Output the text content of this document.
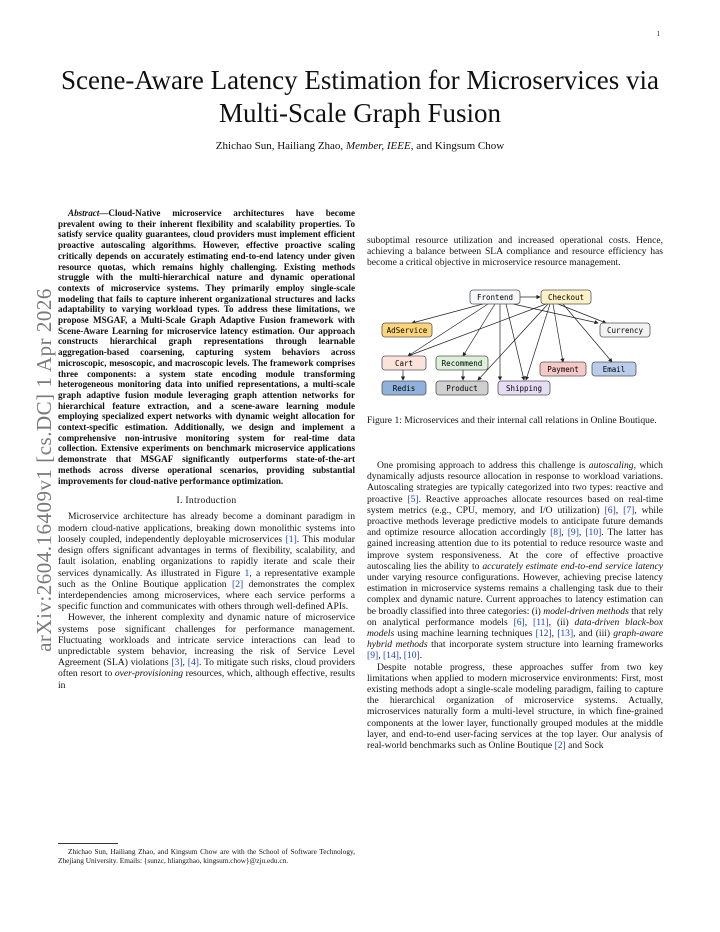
1
arXiv:2604.16409v1 [cs.DC] 1 Apr 2026
Scene-Aware Latency Estimation for Microservices via Multi-Scale Graph Fusion
Zhichao Sun, Hailiang Zhao, Member, IEEE, and Kingsum Chow

Abstract—Cloud-Native microservice architectures have become prevalent owing to their inherent flexibility and scalability properties. To satisfy service quality guarantees, cloud providers must implement efficient proactive autoscaling algorithms. However, effective proactive scaling critically depends on accurately estimating end-to-end latency under given resource quotas, which remains highly challenging. Existing methods struggle with the multi-hierarchical nature and dynamic operational contexts of microservice systems. They primarily employ single-scale modeling that fails to capture inherent organizational structures and lacks adaptability to varying workload types. To address these limitations, we propose MSGAF, a Multi-Scale Graph Adaptive Fusion framework with Scene-Aware Learning for microservice latency estimation. Our approach constructs hierarchical graph representations through learnable aggregation-based coarsening, capturing system behaviors across microscopic, mesoscopic, and macroscopic levels. The framework comprises three components: a system state encoding module transforming heterogeneous monitoring data into unified representations, a multi-scale graph adaptive fusion module leveraging graph attention networks for hierarchical feature extraction, and a scene-aware learning module employing specialized expert networks with dynamic weight allocation for context-specific estimation. Additionally, we design and implement a comprehensive non-intrusive monitoring system for real-time data collection. Extensive experiments on benchmark microservice applications demonstrate that MSGAF significantly outperforms state-of-the-art methods across diverse operational scenarios, providing substantial improvements for cloud-native performance optimization.

I. Introduction

Microservice architecture has already become a dominant paradigm in modern cloud-native applications, breaking down monolithic systems into loosely coupled, independently deployable microservices [1]. This modular design offers significant advantages in terms of flexibility, scalability, and fault isolation, enabling organizations to rapidly iterate and scale their services dynamically. As illustrated in Figure 1, a representative example such as the Online Boutique application [2] demonstrates the complex interdependencies among microservices, where each service performs a specific function and communicates with others through well-defined APIs.

However, the inherent complexity and dynamic nature of microservice systems pose significant challenges for performance management. Fluctuating workloads and intricate service interactions can lead to unpredictable system behavior, increasing the risk of Service Level Agreement (SLA) violations [3], [4]. To mitigate such risks, cloud providers often resort to over-provisioning resources, which, although effective, results in

Zhichao Sun, Hailiang Zhao, and Kingsum Chow are with the School of Software Technology, Zhejiang University. Emails: {sunzc, hliangzhao, kingsum.chow}@zju.edu.cn.

suboptimal resource utilization and increased operational costs. Hence, achieving a balance between SLA compliance and resource efficiency has become a critical objective in microservice resource management.

Frontend	Checkout
AdService	Currency
Cart	Recommend
Payment	Email
Redis	Product	Shipping
Figure 1: Microservices and their internal call relations in Online Boutique.

One promising approach to address this challenge is autoscaling, which dynamically adjusts resource allocation in response to workload variations. Autoscaling strategies are typically categorized into two types: reactive and proactive [5]. Reactive approaches allocate resources based on real-time system metrics (e.g., CPU, memory, and I/O utilization) [6], [7], while proactive methods leverage predictive models to anticipate future demands and optimize resource allocation accordingly [8], [9], [10]. The latter has gained increasing attention due to its potential to reduce resource waste and improve system responsiveness. At the core of effective proactive autoscaling lies the ability to accurately estimate end-to-end service latency under varying resource configurations. However, achieving precise latency estimation in microservice systems remains a challenging task due to their complex and dynamic nature. Current approaches to latency estimation can be broadly classified into three categories: (i) model-driven methods that rely on analytical performance models [6], [11], (ii) data-driven black-box models using machine learning techniques [12], [13], and (iii) graph-aware hybrid methods that incorporate system structure into learning frameworks [9], [14], [10].

Despite notable progress, these approaches suffer from two key limitations when applied to modern microservice environments: First, most existing methods adopt a single-scale modeling paradigm, failing to capture the hierarchical organization of microservice systems. Actually, microservices naturally form a multi-level structure, in which fine-grained components at the lower layer, functionally grouped modules at the middle layer, and end-to-end user-facing services at the top layer. Our analysis of real-world benchmarks such as Online Boutique [2] and Sock
